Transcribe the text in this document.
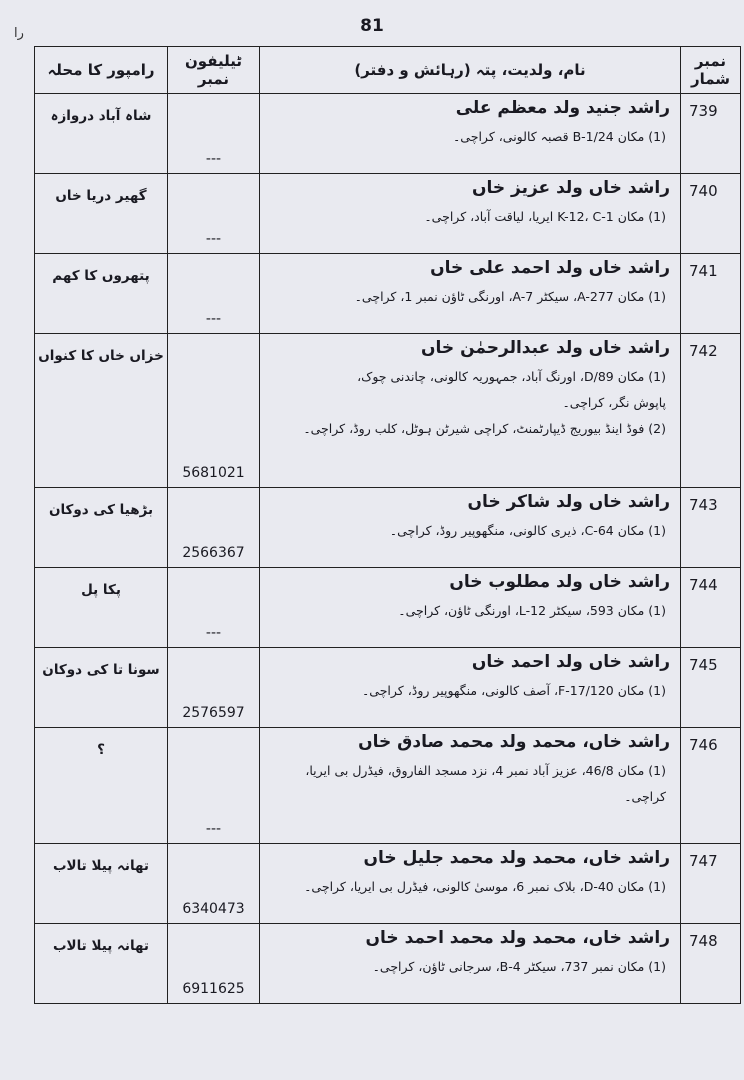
81
را
نمبر شمار	نام، ولدیت، پتہ (رہائش و دفتر)	ٹیلیفون نمبر	رامپور کا محلہ
739	راشد جنید ولد معظم علی
(1) مکان B-1/24 قصبہ کالونی، کراچی۔	---	شاہ آباد دروازہ
740	راشد خاں ولد عزیز خاں
(1) مکان K-12، C-1 ایریا، لیاقت آباد، کراچی۔	---	گھیر دریا خاں
741	راشد خاں ولد احمد علی خاں
(1) مکان A-277، سیکٹر A-7، اورنگی ٹاؤن نمبر 1، کراچی۔	---	پتھروں کا کھم
742	راشد خاں ولد عبدالرحمٰن خاں
(1) مکان D/89، اورنگ آباد، جمہوریہ کالونی، چاندنی چوک،
پاپوش نگر، کراچی۔
(2) فوڈ اینڈ بیوریج ڈیپارٹمنٹ، کراچی شیرٹن ہوٹل، کلب روڈ، کراچی۔	5681021	خزاں خاں کا کنواں
743	راشد خاں ولد شاکر خاں
(1) مکان C-64، ذیری کالونی، منگھوپیر روڈ، کراچی۔	2566367	بڑھیا کی دوکان
744	راشد خاں ولد مطلوب خاں
(1) مکان 593، سیکٹر L-12، اورنگی ٹاؤن، کراچی۔	---	پکا پل
745	راشد خاں ولد احمد خاں
(1) مکان F-17/120، آصف کالونی، منگھوپیر روڈ، کراچی۔	2576597	سونا تا کی دوکان
746	راشد خاں، محمد ولد محمد صادق خاں
(1) مکان 46/8، عزیز آباد نمبر 4، نزد مسجد الفاروق، فیڈرل بی ایریا،
کراچی۔	---	؟
747	راشد خاں، محمد ولد محمد جلیل خاں
(1) مکان D-40، بلاک نمبر 6، موسیٰ کالونی، فیڈرل بی ایریا، کراچی۔	6340473	تھانہ پیلا تالاب
748	راشد خاں، محمد ولد محمد احمد خاں
(1) مکان نمبر 737، سیکٹر B-4، سرجانی ٹاؤن، کراچی۔	6911625	تھانہ پیلا تالاب
